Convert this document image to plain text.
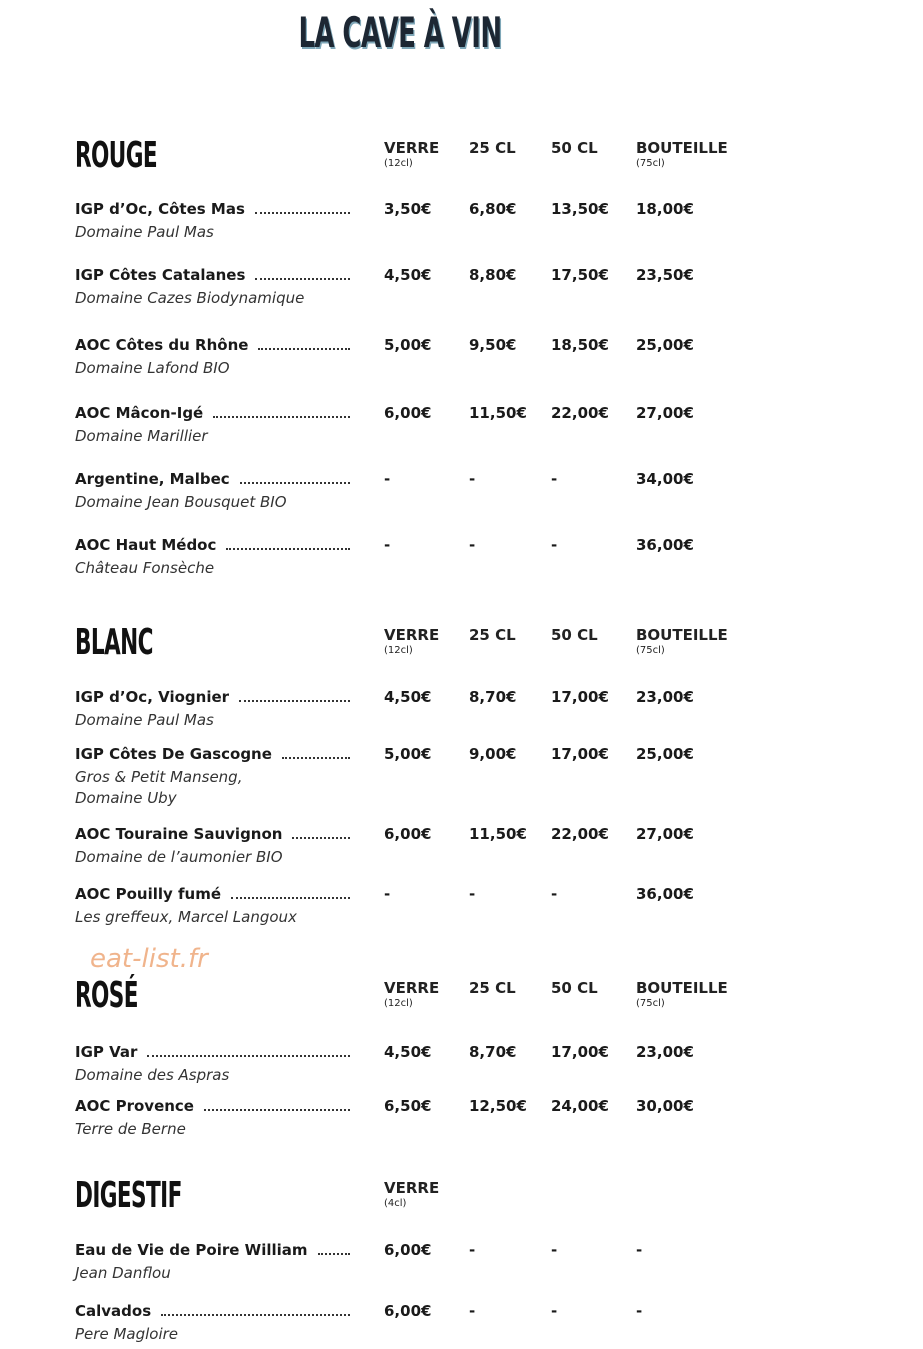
LA CAVE À VIN
ROUGE	VERRE
(12cl)
25 CL 50 CL	BOUTEILLE
(75cl)
IGP d’Oc, Côtes Mas
Domaine Paul Mas
3,50€	6,80€ 13,50€ 18,00€
IGP Côtes Catalanes
Domaine Cazes Biodynamique
4,50€	8,80€ 17,50€ 23,50€
AOC Côtes du Rhône
Domaine Lafond BIO
5,00€	9,50€ 18,50€ 25,00€
AOC Mâcon-Igé
Domaine Marillier
6,00€	11,50€ 22,00€ 27,00€
Argentine, Malbec
Domaine Jean Bousquet BIO
-	-	-	34,00€
AOC Haut Médoc
Château Fonsèche
-	-	-	36,00€
BLANC	VERRE
(12cl)
25 CL 50 CL	BOUTEILLE
(75cl)
IGP d’Oc, Viognier
Domaine Paul Mas
4,50€	8,70€ 17,00€ 23,00€
IGP Côtes De Gascogne
Gros & Petit Manseng,
Domaine Uby
5,00€	9,00€ 17,00€ 25,00€
AOC Touraine Sauvignon
Domaine de l’aumonier BIO
6,00€	11,50€ 22,00€ 27,00€
AOC Pouilly fumé
Les greffeux, Marcel Langoux
-	-	-	36,00€
ROSÉ	VERRE
(12cl)
25 CL 50 CL	BOUTEILLE
(75cl)
IGP Var
Domaine des Aspras
4,50€	8,70€ 17,00€ 23,00€
AOC Provence
Terre de Berne
6,50€	12,50€ 24,00€ 30,00€
DIGESTIF	VERRE
(4cl)
Eau de Vie de Poire William
Jean Danflou
6,00€	-	-	-
Calvados
Pere Magloire
6,00€	-	-	-
eat-list.fr
